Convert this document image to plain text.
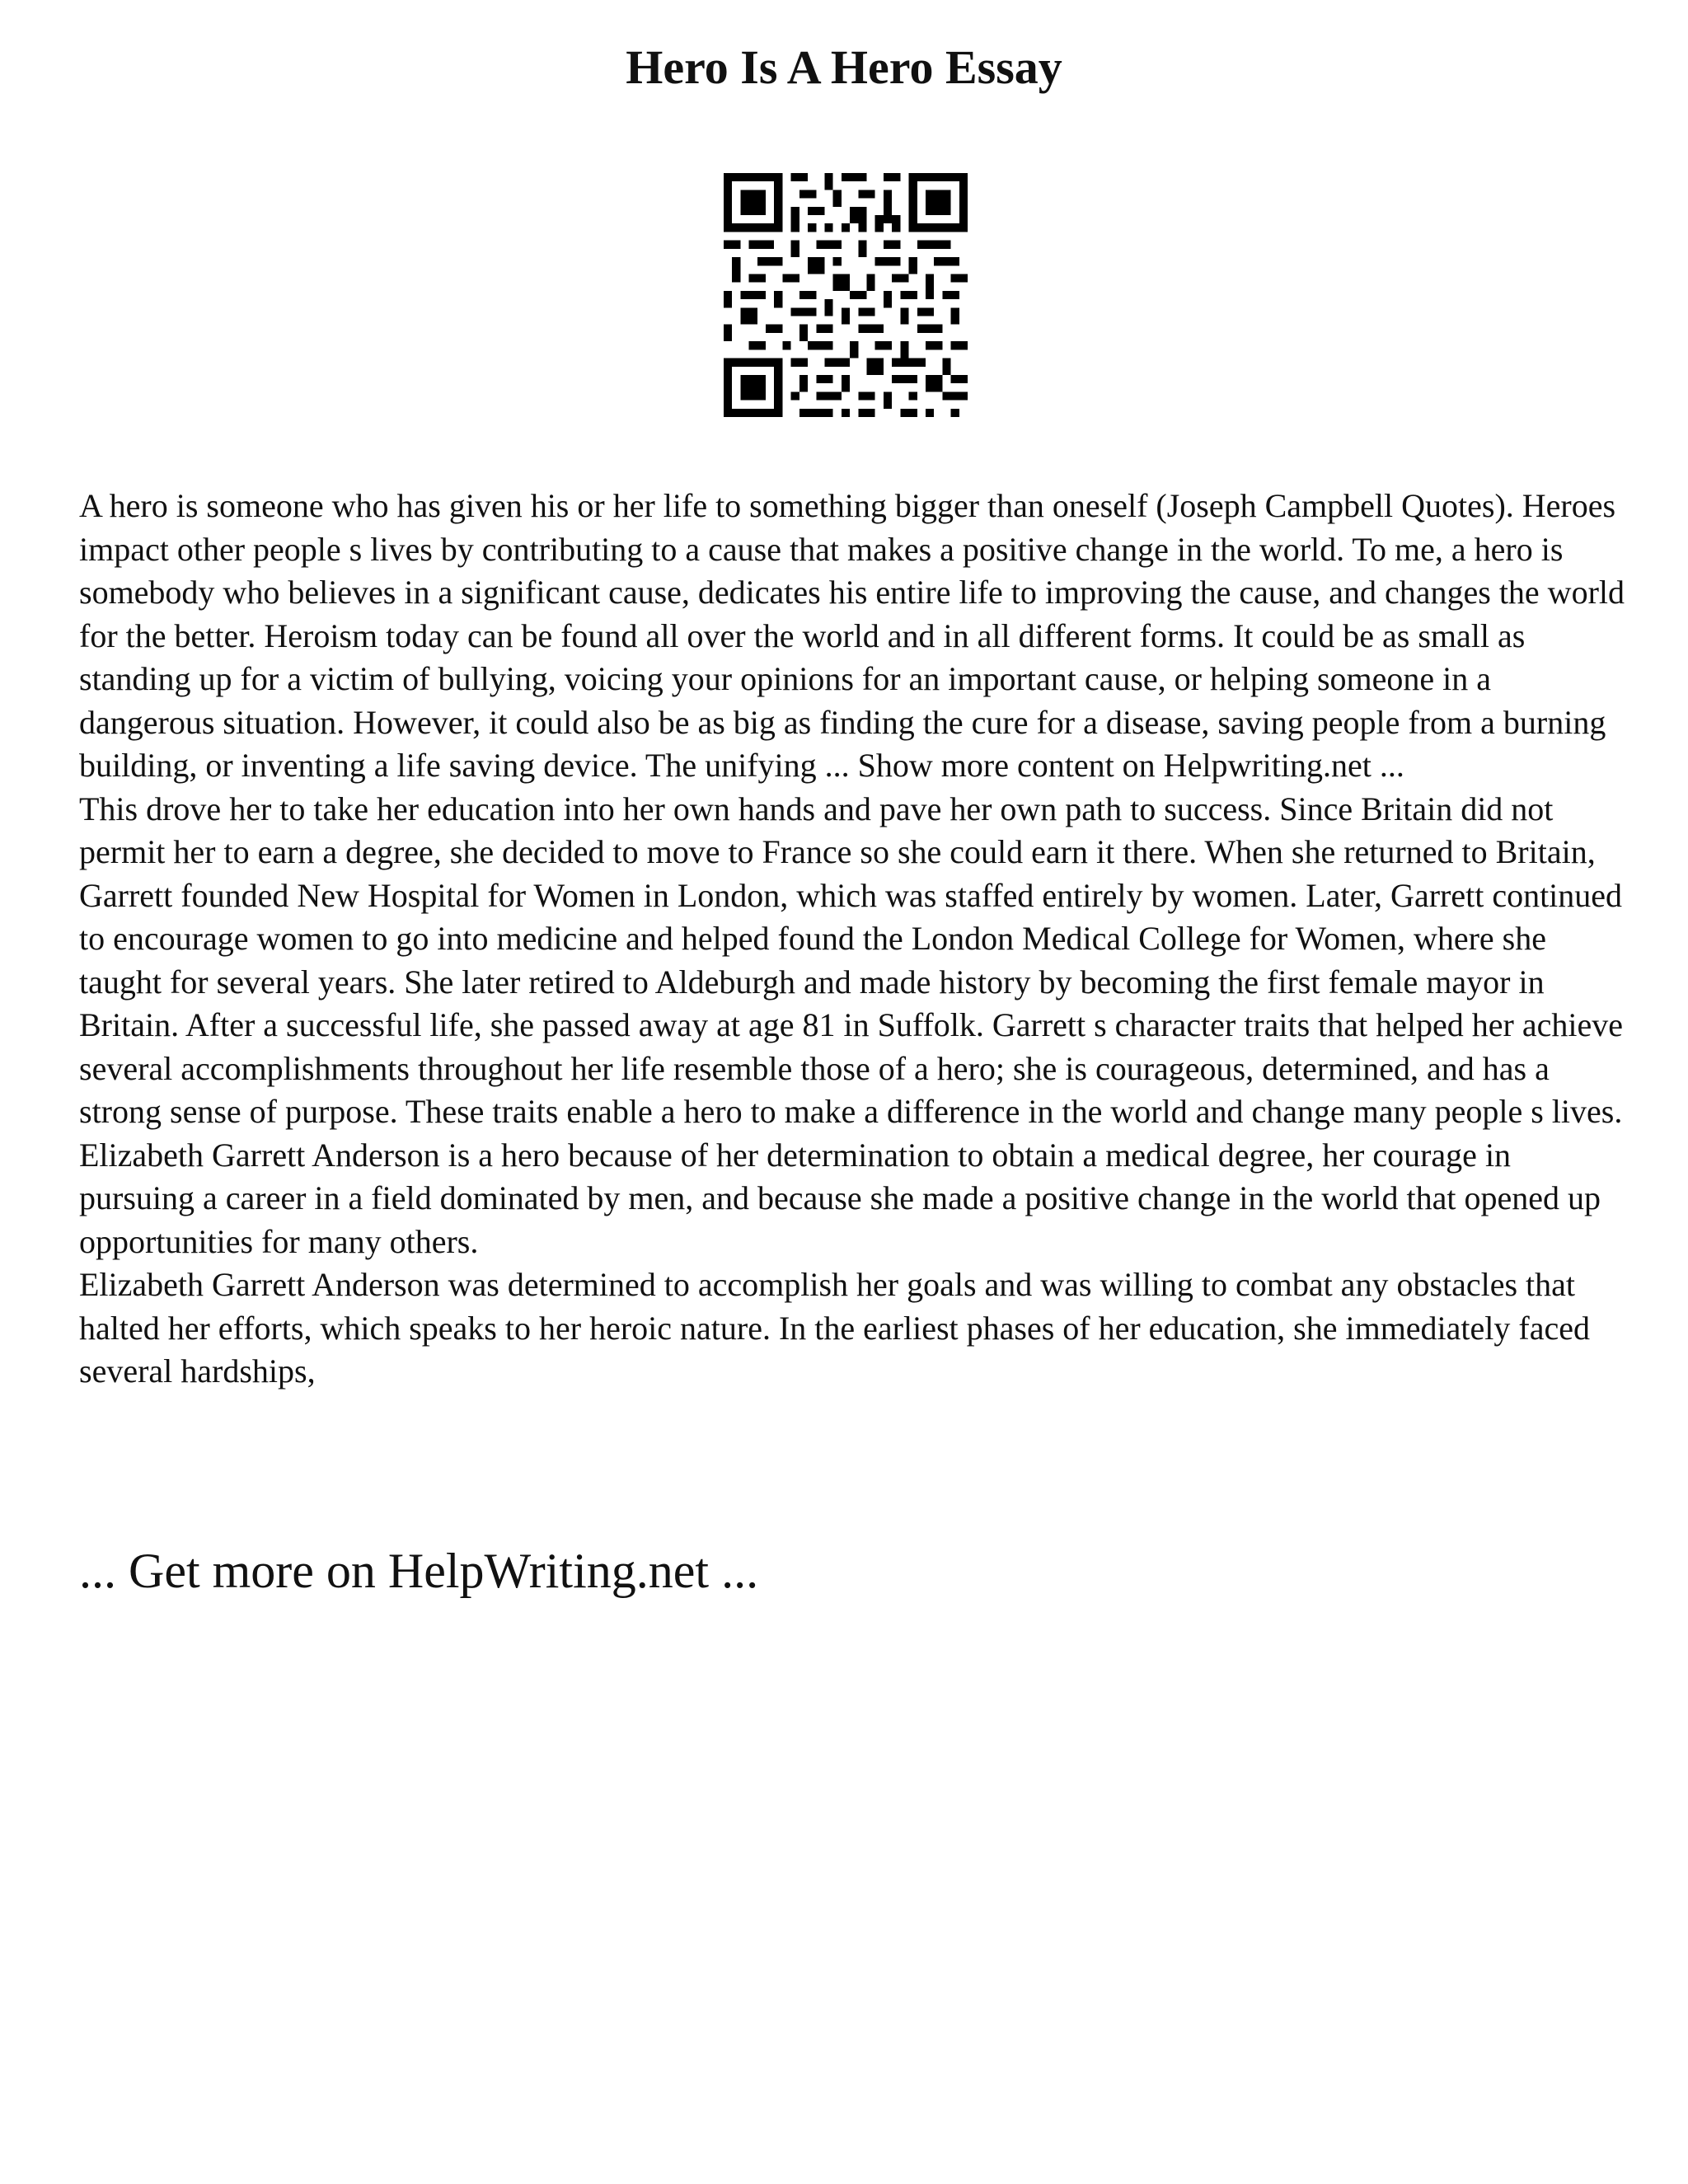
Hero Is A Hero Essay

A hero is someone who has given his or her life to something bigger than oneself (Joseph Campbell Quotes). Heroes impact other people s lives by contributing to a cause that makes a positive change in the world. To me, a hero is somebody who believes in a significant cause, dedicates his entire life to improving the cause, and changes the world for the better. Heroism today can be found all over the world and in all different forms. It could be as small as standing up for a victim of bullying, voicing your opinions for an important cause, or helping someone in a dangerous situation. However, it could also be as big as finding the cure for a disease, saving people from a burning building, or inventing a life saving device. The unifying ... Show more content on Helpwriting.net ...

This drove her to take her education into her own hands and pave her own path to success. Since Britain did not permit her to earn a degree, she decided to move to France so she could earn it there. When she returned to Britain, Garrett founded New Hospital for Women in London, which was staffed entirely by women. Later, Garrett continued to encourage women to go into medicine and helped found the London Medical College for Women, where she taught for several years. She later retired to Aldeburgh and made history by becoming the first female mayor in Britain. After a successful life, she passed away at age 81 in Suffolk. Garrett s character traits that helped her achieve several accomplishments throughout her life resemble those of a hero; she is courageous, determined, and has a strong sense of purpose. These traits enable a hero to make a difference in the world and change many people s lives. Elizabeth Garrett Anderson is a hero because of her determination to obtain a medical degree, her courage in pursuing a career in a field dominated by men, and because she made a positive change in the world that opened up opportunities for many others.

Elizabeth Garrett Anderson was determined to accomplish her goals and was willing to combat any obstacles that halted her efforts, which speaks to her heroic nature. In the earliest phases of her education, she immediately faced several hardships,

... Get more on HelpWriting.net ...
